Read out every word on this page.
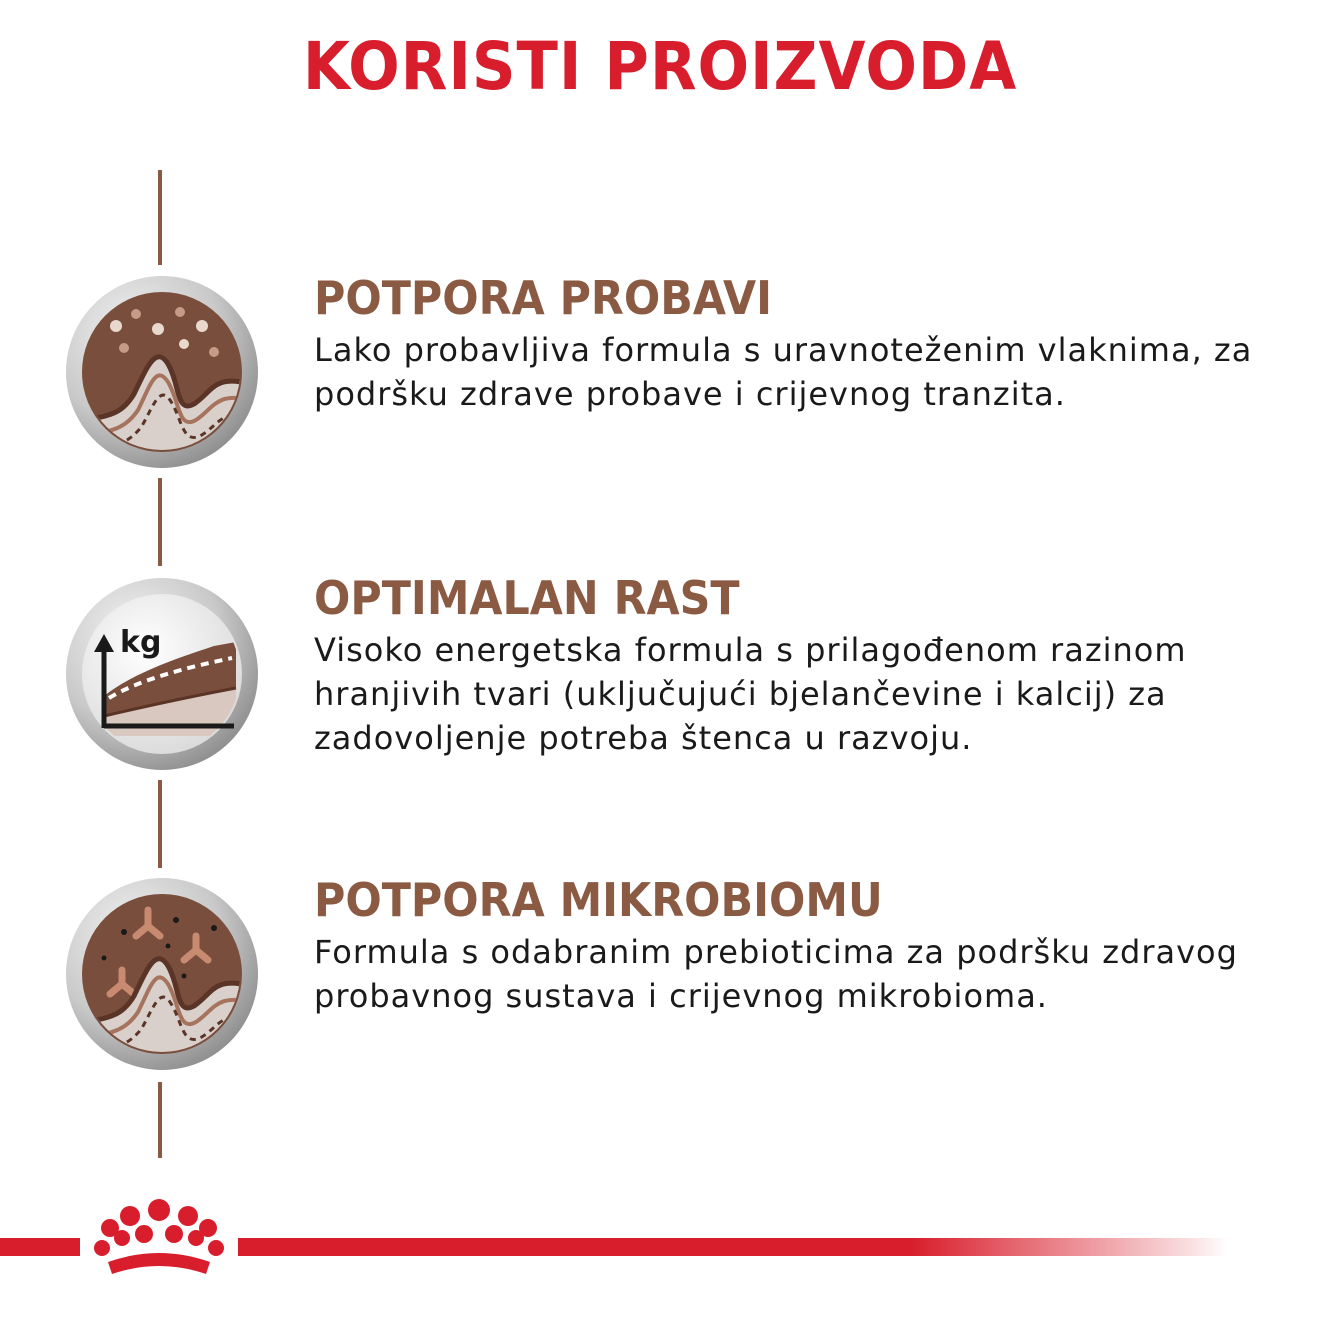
KORISTI PROIZVODA
kg
POTPORA PROBAVI

Lako probavljiva formula s uravnoteženim vlaknima, za podršku zdrave probave i crijevnog tranzita.

OPTIMALAN RAST

Visoko energetska formula s prilagođenom razinom hranjivih tvari (uključujući bjelančevine i kalcij) za zadovoljenje potreba štenca u razvoju.

POTPORA MIKROBIOMU

Formula s odabranim prebioticima za podršku zdravog probavnog sustava i crijevnog mikrobioma.
